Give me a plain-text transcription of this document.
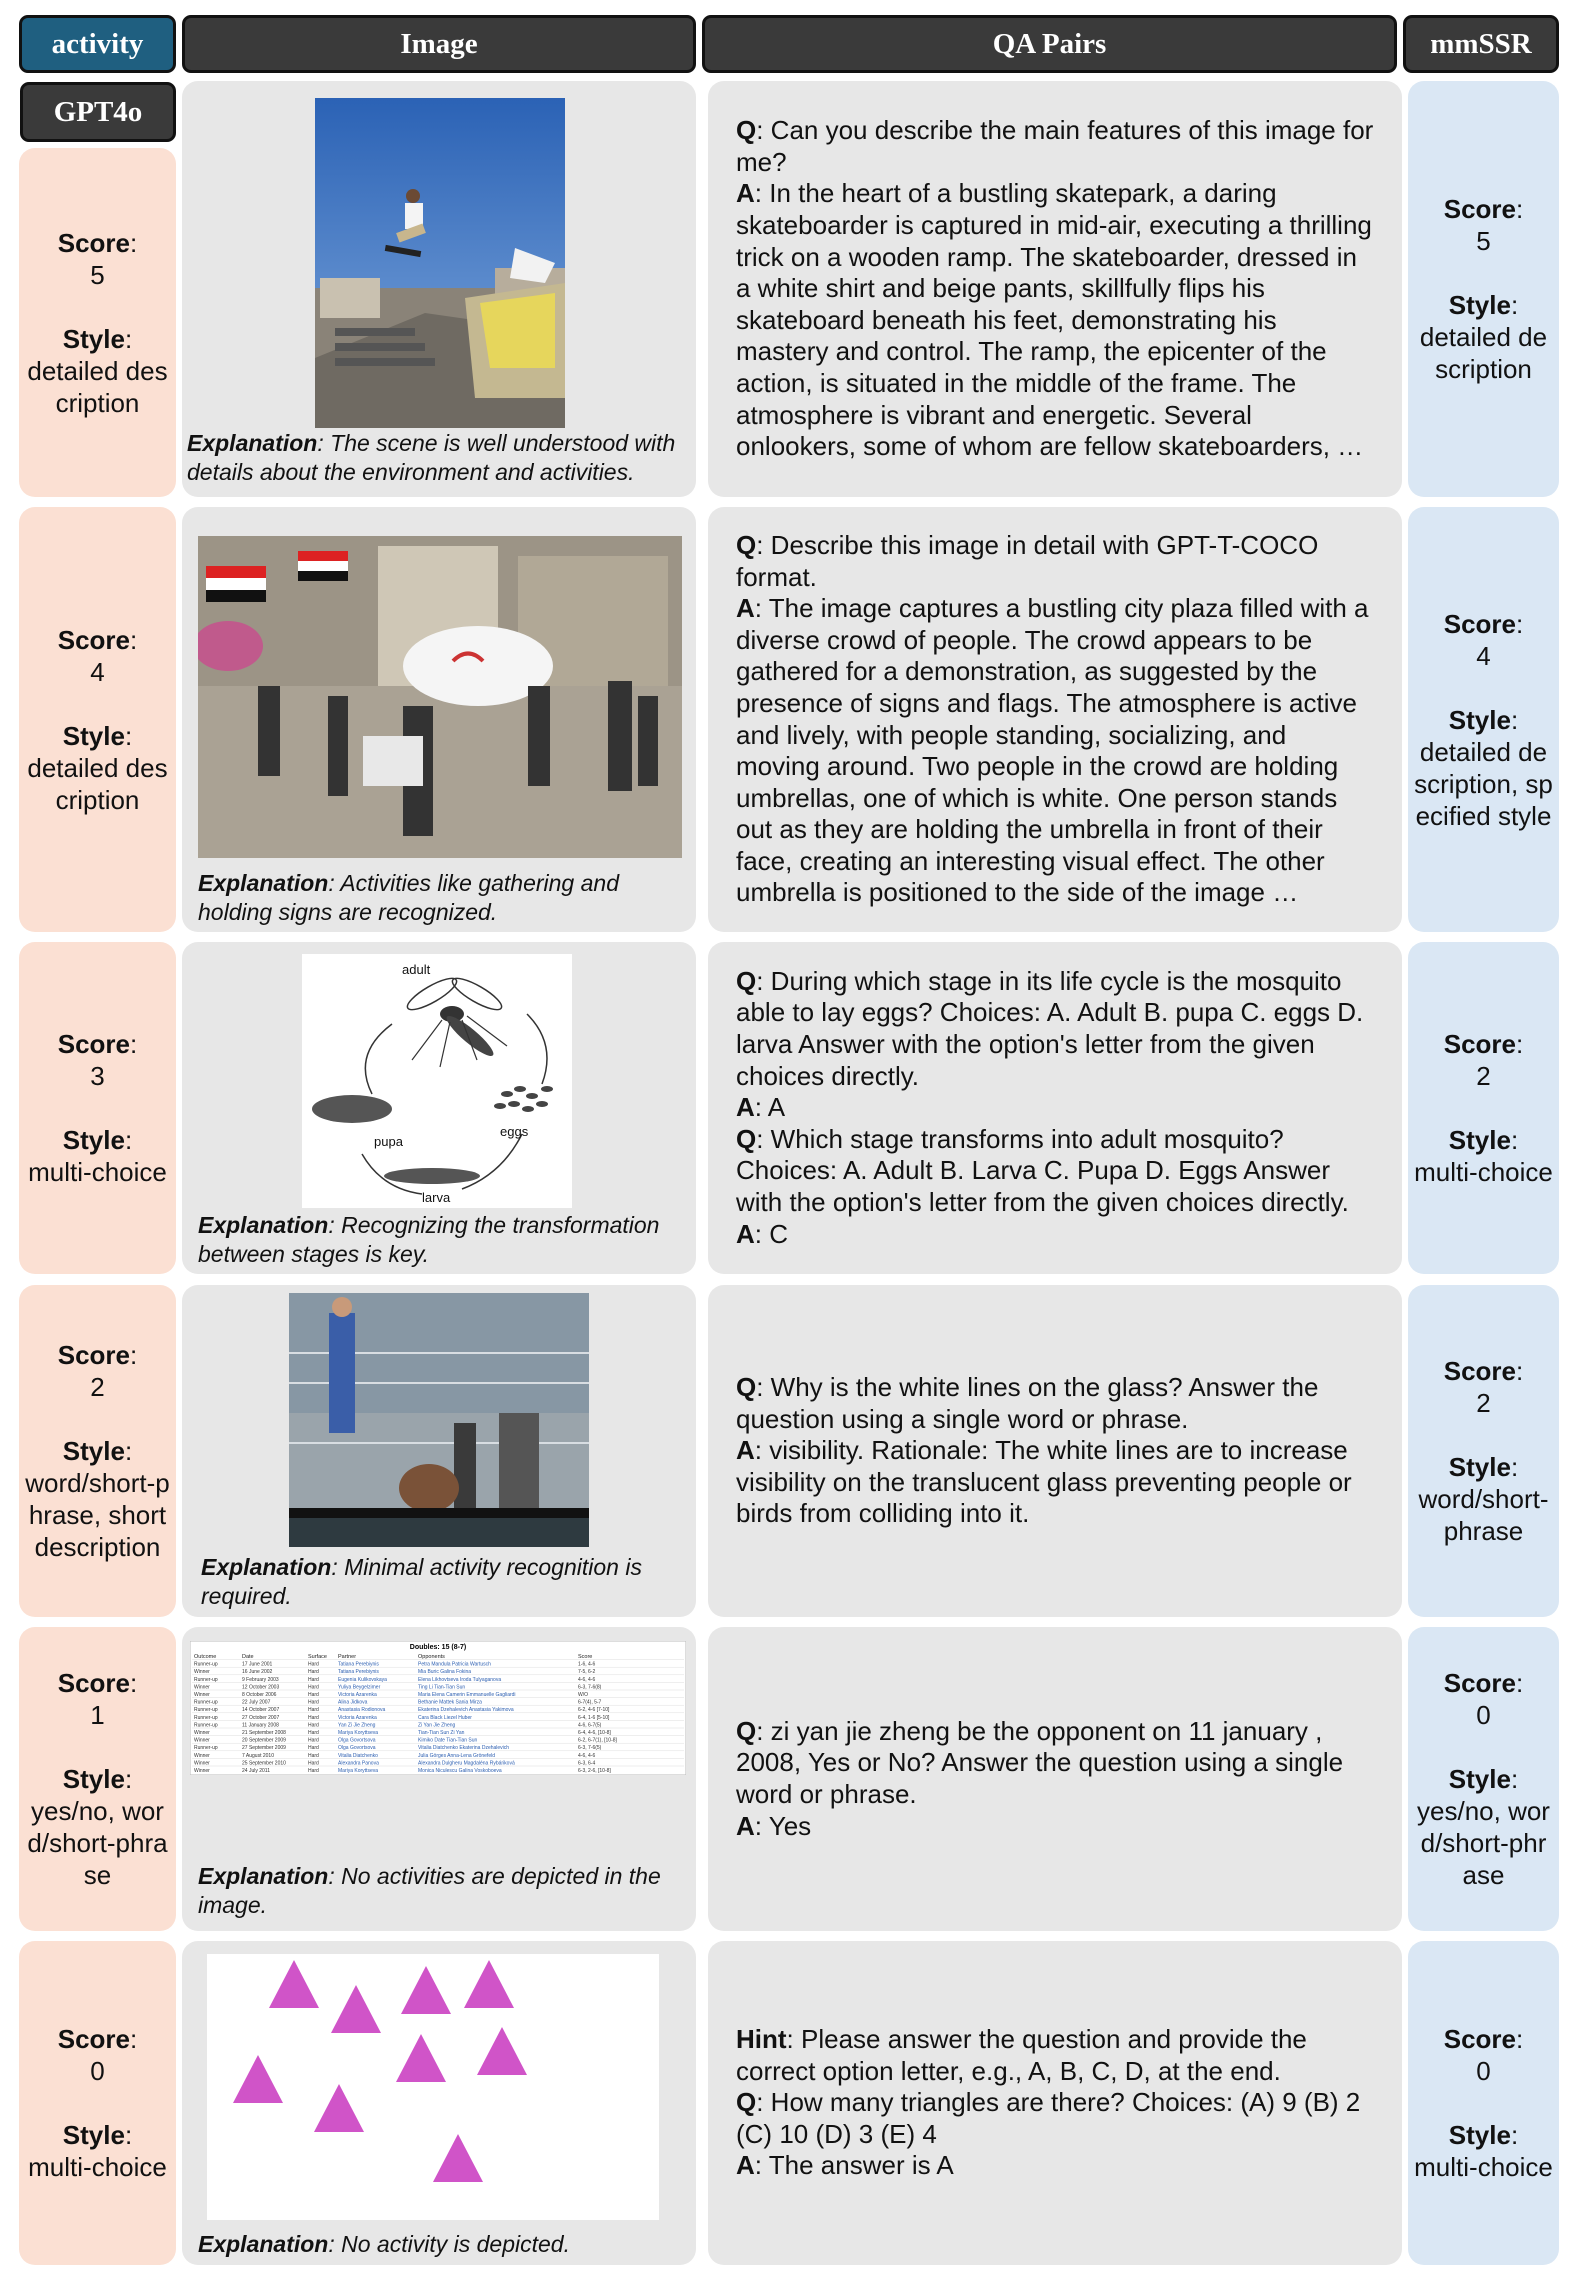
activity	Image	QA Pairs	mmSSR
GPT4o
Score:
5

Style:
detailed description
Explanation: The scene is well understood with details about the environment and activities.
Q: Can you describe the main features of this image for me?
A: In the heart of a bustling skatepark, a daring skateboarder is captured in mid-air, executing a thrilling trick on a wooden ramp. The skateboarder, dressed in a white shirt and beige pants, skillfully flips his skateboard beneath his feet, demonstrating his mastery and control. The ramp, the epicenter of the action, is situated in the middle of the frame. The atmosphere is vibrant and energetic. Several onlookers, some of whom are fellow skateboarders, …
Score:
5

Style:
detailed description
Score:
4

Style:
detailed description
Explanation: Activities like gathering and holding signs are recognized.
Q: Describe this image in detail with GPT-T-COCO format.
A: The image captures a bustling city plaza filled with a diverse crowd of people. The crowd appears to be gathered for a demonstration, as suggested by the presence of signs and flags. The atmosphere is active and lively, with people standing, socializing, and moving around. Two people in the crowd are holding umbrellas, one of which is white. One person stands out as they are holding the umbrella in front of their face, creating an interesting visual effect. The other umbrella is positioned to the side of the image …
Score:
4

Style:
detailed description, specified style
Score:
3

Style:
multi-choice
adult
pupa
eggs
larva
Explanation: Recognizing the transformation between stages is key.
Q: During which stage in its life cycle is the mosquito able to lay eggs? Choices: A. Adult B. pupa C. eggs D. larva Answer with the option's letter from the given choices directly.
A: A
Q: Which stage transforms into adult mosquito? Choices: A. Adult B. Larva C. Pupa D. Eggs Answer with the option's letter from the given choices directly.
A: C
Score:
2

Style:
multi-choice
Score:
2

Style:
word/short-phrase, short description
Explanation: Minimal activity recognition is required.
Q: Why is the white lines on the glass? Answer the question using a single word or phrase.
A: visibility. Rationale: The white lines are to increase visibility on the translucent glass preventing people or birds from colliding into it.
Score:
2

Style:
word/short-phrase
Score:
1

Style:
yes/no, word/short-phrase
Doubles: 15 (8-7)
Outcome	Date	Surface Partner	Opponents	Score
Runner-up	17 June 2001	Hard	Tatiana Perebiynis	Petra Mandula Patricia Wartusch	1-6, 4-6
Winner	16 June 2002	Hard	Tatiana Perebiynis	Mia Buric Galina Fokina	7-5, 6-2
Runner-up	9 February 2003	Hard	Eugenia Kulikovskaya	Elena Likhovtseva Iroda Tulyaganova	4-6, 4-6
Winner	12 October 2003	Hard	Yuliya Beygelzimer	Ting Li Tian-Tian Sun	6-3, 7-6(8)
Winner	8 October 2006	Hard	Victoria Azarenka	Maria Elena Camerin Emmanuelle Gagliardi	W/O
Runner-up	22 July 2007	Hard	Alina Jidkova	Bethanie Mattek Sania Mirza	6-7(4), 5-7
Runner-up	14 October 2007	Hard	Anastasia Rodionova	Ekaterina Dzehalevich Anastasia Yakimova	6-2, 4-6 [7-10]
Runner-up	27 October 2007	Hard	Victoria Azarenka	Cara Black Liezel Huber	6-4, 1-6 [5-10]
Runner-up	11 January 2008	Hard	Yan Zi Jie Zheng	Zi Yan Jie Zheng	4-6, 6-7(5)
Winner	21 September 2008	Hard	Mariya Koryttseva	Tian-Tian Sun Zi Yan	6-4, 4-6, [10-8]
Winner	20 September 2009	Hard	Olga Govortsova	Kimiko Date Tian-Tian Sun	6-2, 6-7(1), [10-8]
Runner-up	27 September 2009	Hard	Olga Govortsova	Vitalia Diatchenko Ekaterina Dzehalevich	6-3, 7-6(5)
Winner	7 August 2010	Hard	Vitalia Diatchenko	Julia Görges Anna-Lena Grönefeld	4-6, 4-6
Winner	25 September 2010	Hard	Alexandra Panova	Alexandra Dulgheru Magdaléna Rybáriková	6-3, 6-4
Winner	24 July 2011	Hard	Mariya Koryttseva	Monica Niculescu Galina Voskoboeva	6-3, 2-6, [10-8]
Explanation: No activities are depicted in the image.
Q: zi yan jie zheng be the opponent on 11 january , 2008, Yes or No? Answer the question using a single word or phrase.
A: Yes
Score:
0

Style:
yes/no, word/short-phrase
Score:
0

Style:
multi-choice
Explanation: No activity is depicted.
Hint: Please answer the question and provide the correct option letter, e.g., A, B, C, D, at the end.
Q: How many triangles are there? Choices: (A) 9 (B) 2 (C) 10 (D) 3 (E) 4
A: The answer is A
Score:
0

Style:
multi-choice
